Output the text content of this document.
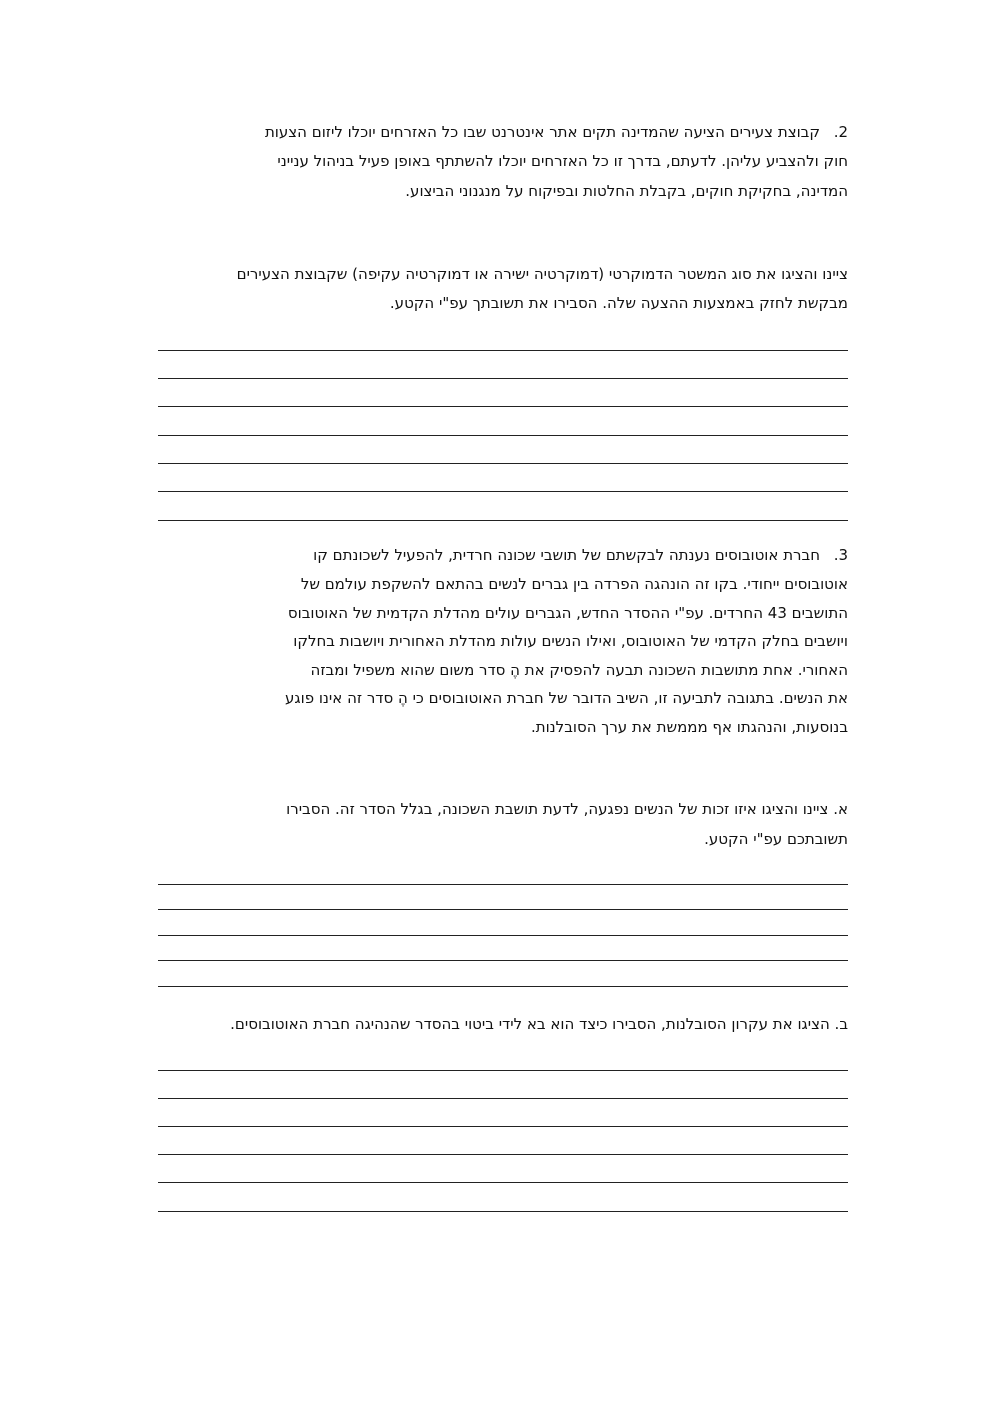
.2
קבוצת צעירים הציעה שהמדינה תקים אתר אינטרנט שבו כל האזרחים יוכלו ליזום הצעות
חוק ולהצביע עליהן. לדעתם, בדרך זו כל האזרחים יוכלו להשתתף באופן פעיל בניהול ענייני
המדינה, בחקיקת חוקים, בקבלת החלטות ובפיקוח על מנגנוני הביצוע.
ציינו והציגו את סוג המשטר הדמוקרטי (דמוקרטיה ישירה או דמוקרטיה עקיפה) שקבוצת הצעירים
מבקשת לחזק באמצעות ההצעה שלה. הסבירו את תשובתך עפ"י הקטע.
.3
חברת אוטובוסים נענתה לבקשתם של תושבי שכונה חרדית, להפעיל לשכונתם קו
אוטובוסים ייחודי. בקו זה הונהגה הפרדה בין גברים לנשים בהתאם להשקפת עולמם של
התושבים 43 החרדים. עפ"י ההסדר החדש, הגברים עולים מהדלת הקדמית של האוטובוס
ויושבים בחלק הקדמי של האוטובוס, ואילו הנשים עולות מהדלת האחורית ויושבות בחלקו
האחורי. אחת מתושבות השכונה תבעה להפסיק את הֶ סדר משום שהוא משפיל ומבזה
את הנשים. בתגובה לתביעה זו, השיב הדובר של חברת האוטובוסים כי הֶ סדר זה אינו פוגע
בנוסעות, והנהגתו אף מממשת את ערך הסובלנות.
א. ציינו והציגו איזו זכות של הנשים נפגעה, לדעת תושבת השכונה, בגלל הסדר זה. הסבירו
תשובתכם עפ"י הקטע.
ב. הציגו את עקרון הסובלנות, הסבירו כיצד הוא בא לידי ביטוי בהסדר שהנהיגה חברת האוטובוסים.
